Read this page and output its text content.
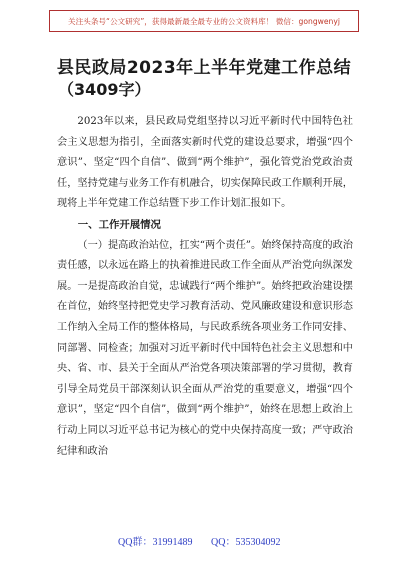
关注头条号“公文研究”，获得最新最全最专业的公文资料库！ 微信：gongwenyj
县民政局2023年上半年党建工作总结
（3409字）

2023年以来，县民政局党组坚持以习近平新时代中国特色社会主义思想为指引，全面落实新时代党的建设总要求，增强“四个意识”、坚定“四个自信”、做到“两个维护”，强化管党治党政治责任，坚持党建与业务工作有机融合，切实保障民政工作顺利开展，现将上半年党建工作总结暨下步工作计划汇报如下。

一、工作开展情况

（一）提高政治站位，扛实“两个责任”。始终保持高度的政治责任感，以永远在路上的执着推进民政工作全面从严治党向纵深发展。一是提高政治自觉，忠诚践行“两个维护”。始终把政治建设摆在首位，始终坚持把党史学习教育活动、党风廉政建设和意识形态工作纳入全局工作的整体格局，与民政系统各项业务工作同安排、同部署、同检查；加强对习近平新时代中国特色社会主义思想和中央、省、市、县关于全面从严治党各项决策部署的学习贯彻，教育引导全局党员干部深刻认识全面从严治党的重要意义，增强“四个意识”，坚定“四个自信”，做到“两个维护”，始终在思想上政治上行动上同以习近平总书记为核心的党中央保持高度一致；严守政治纪律和政治

QQ群：31991489 QQ：535304092
